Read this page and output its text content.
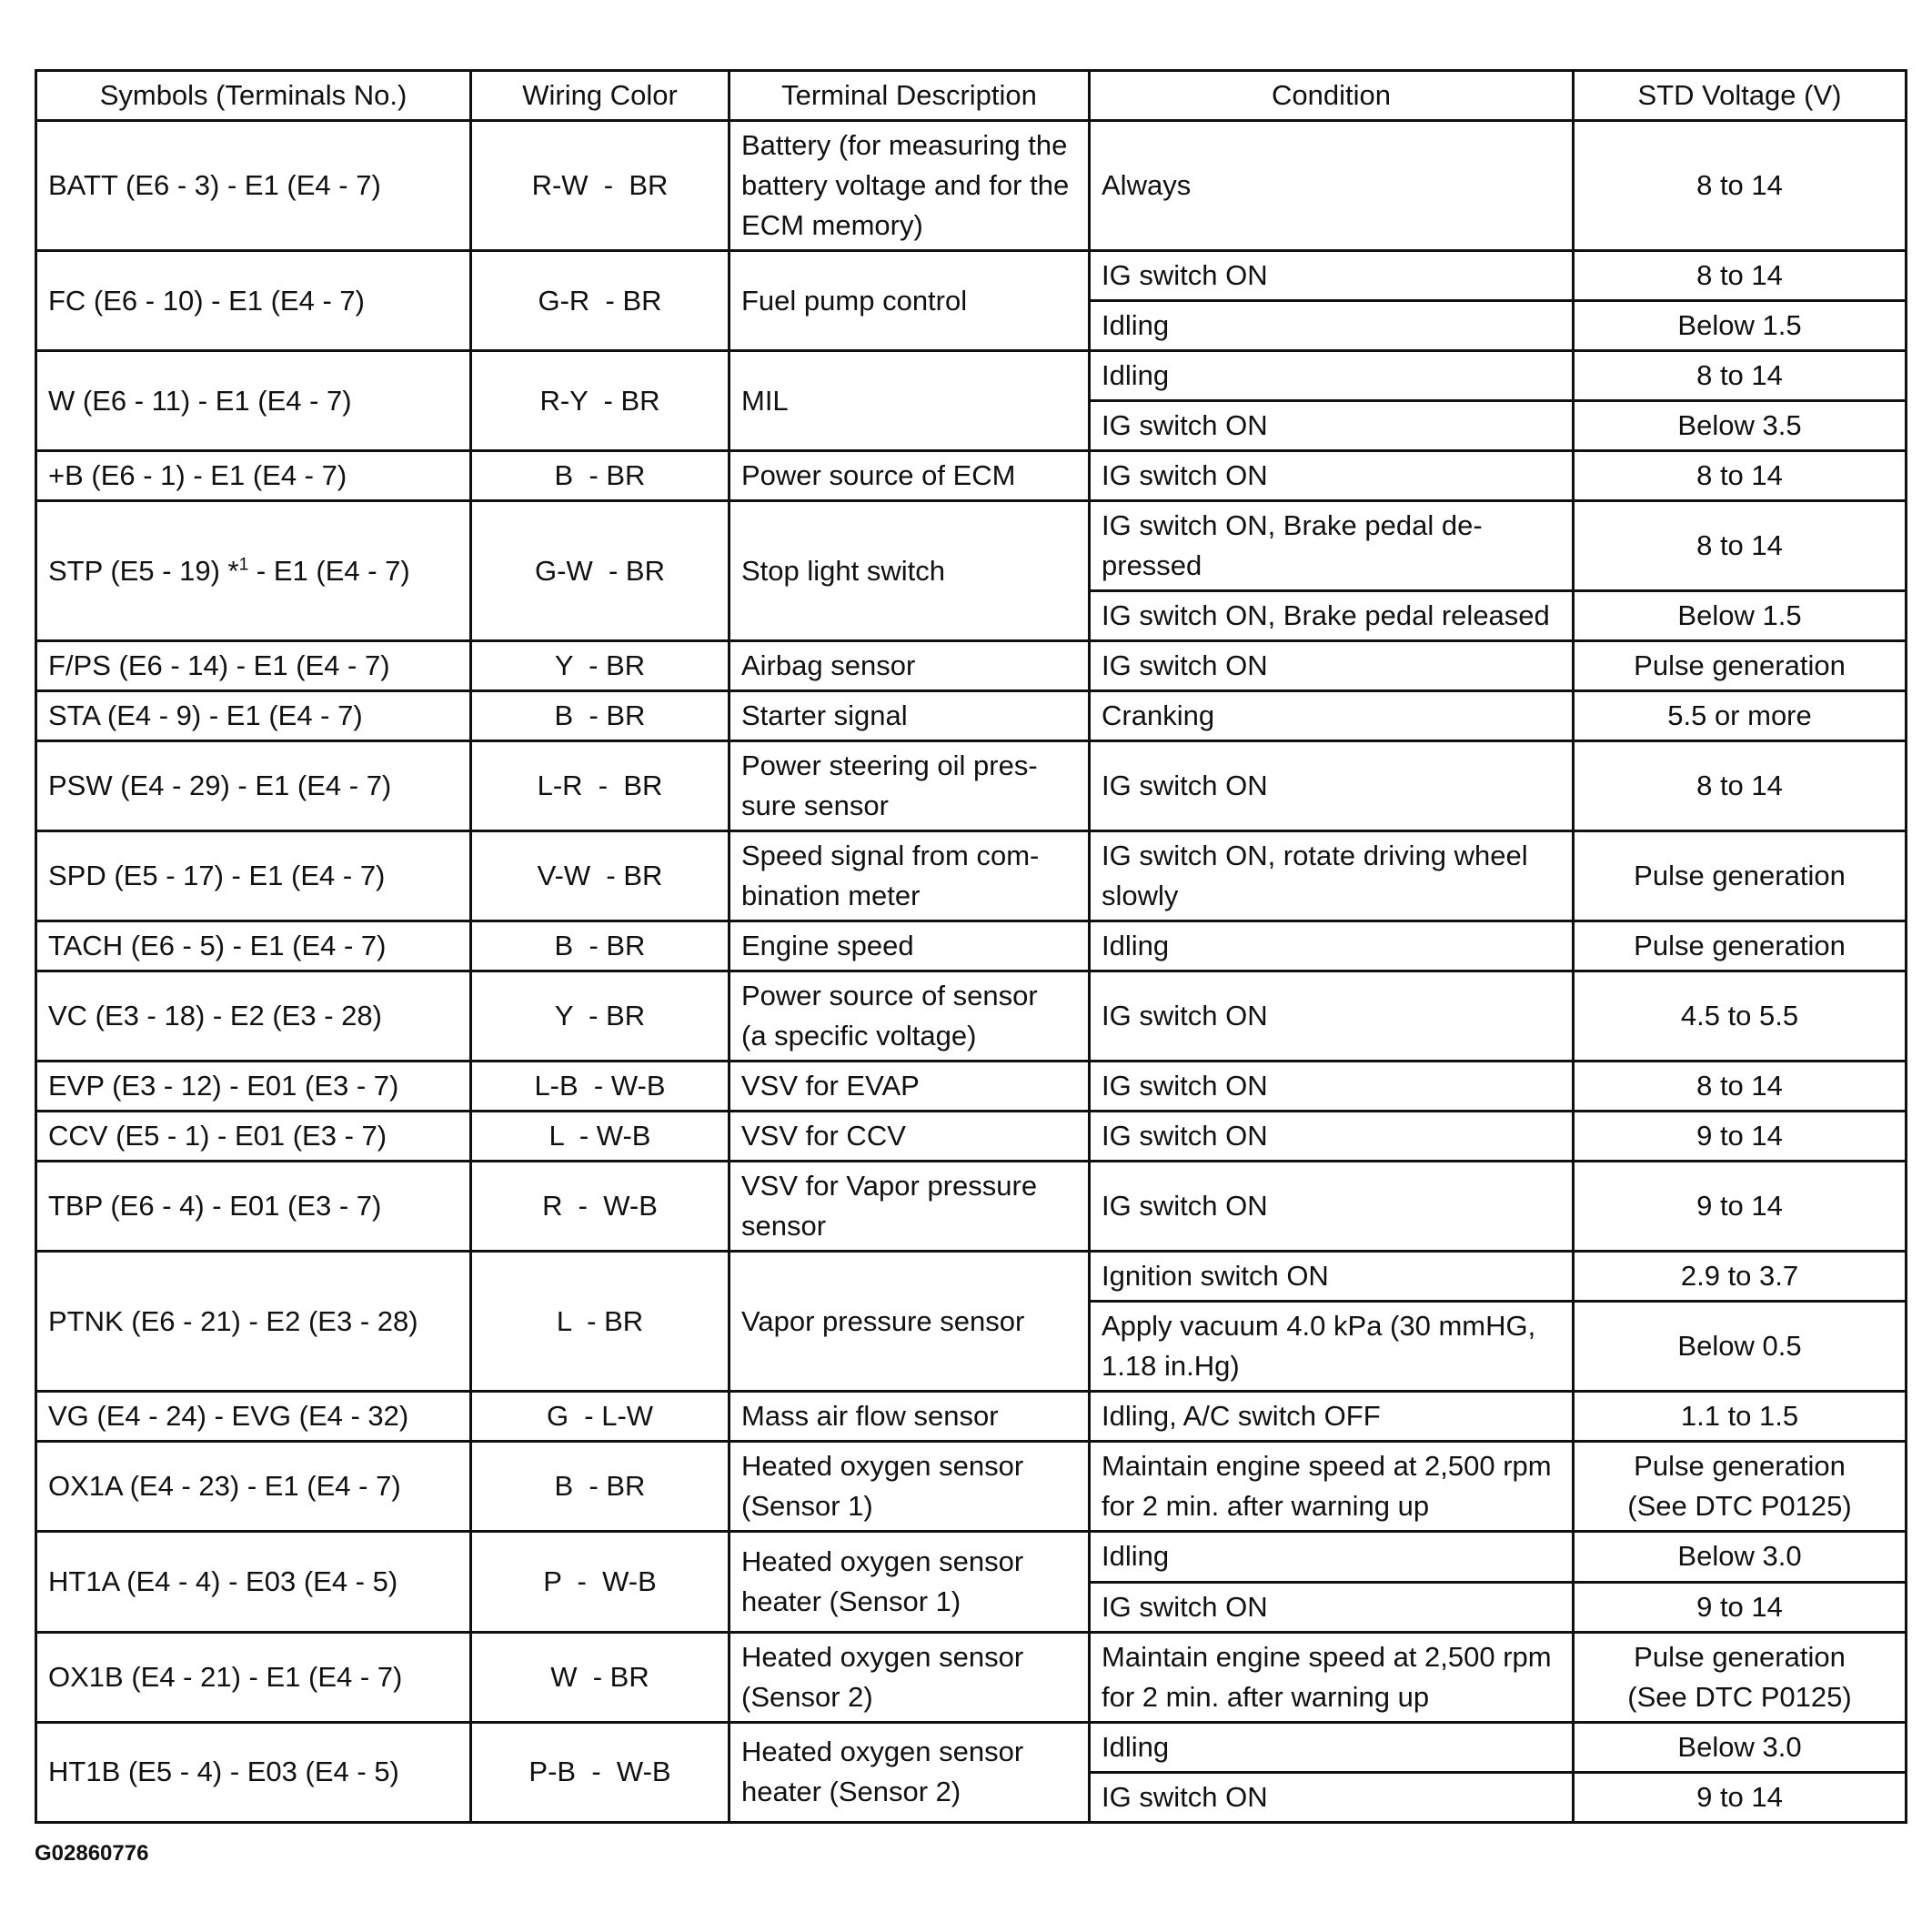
Symbols (Terminals No.)	Wiring Color	Terminal Description	Condition	STD Voltage (V)
BATT (E6 - 3) - E1 (E4 - 7)	R-W  -  BR	Battery (for measuring the
battery voltage and for the
ECM memory)	Always	8 to 14

FC (E6 - 10) - E1 (E4 - 7)	G-R  - BR	Fuel pump control	IG switch ON	8 to 14

			Idling	Below 1.5

W (E6 - 11) - E1 (E4 - 7)	R-Y  - BR	MIL	Idling	8 to 14

			IG switch ON	Below 3.5

+B (E6 - 1) - E1 (E4 - 7)	B  - BR	Power source of ECM	IG switch ON	8 to 14

STP (E5 - 19) *$^1$ - E1 (E4 - 7)	G-W  - BR	Stop light switch	IG switch ON, Brake pedal de-
pressed	8 to 14

			IG switch ON, Brake pedal released	Below 1.5

F/PS (E6 - 14) - E1 (E4 - 7)	Y  - BR	Airbag sensor	IG switch ON	Pulse generation

STA (E4 - 9) - E1 (E4 - 7)	B  - BR	Starter signal	Cranking	5.5 or more

PSW (E4 - 29) - E1 (E4 - 7)	L-R  -  BR	Power steering oil pres-
sure sensor	IG switch ON	8 to 14

SPD (E5 - 17) - E1 (E4 - 7)	V-W  - BR	Speed signal from com-
bination meter	IG switch ON, rotate driving wheel
slowly	Pulse generation

TACH (E6 - 5) - E1 (E4 - 7)	B  - BR	Engine speed	Idling	Pulse generation

VC (E3 - 18) - E2 (E3 - 28)	Y  - BR	Power source of sensor
(a specific voltage)	IG switch ON	4.5 to 5.5

EVP (E3 - 12) - E01 (E3 - 7)	L-B  - W-B	VSV for EVAP	IG switch ON	8 to 14

CCV (E5 - 1) - E01 (E3 - 7)	L  - W-B	VSV for CCV	IG switch ON	9 to 14

TBP (E6 - 4) - E01 (E3 - 7)	R  -  W-B	VSV for Vapor pressure
sensor	IG switch ON	9 to 14

PTNK (E6 - 21) - E2 (E3 - 28)	L  - BR	Vapor pressure sensor	Ignition switch ON	2.9 to 3.7

			Apply vacuum 4.0 kPa (30 mmHG,
1.18 in.Hg)	Below 0.5

VG (E4 - 24) - EVG (E4 - 32)	G  - L-W	Mass air flow sensor	Idling, A/C switch OFF	1.1 to 1.5

OX1A (E4 - 23) - E1 (E4 - 7)	B  - BR	Heated oxygen sensor
(Sensor 1)	Maintain engine speed at 2,500 rpm
for 2 min. after warning up	Pulse generation
(See DTC P0125)

HT1A (E4 - 4) - E03 (E4 - 5)	P  -  W-B	Heated oxygen sensor
heater (Sensor 1)	Idling	Below 3.0

			IG switch ON	9 to 14

OX1B (E4 - 21) - E1 (E4 - 7)	W  - BR	Heated oxygen sensor
(Sensor 2)	Maintain engine speed at 2,500 rpm
for 2 min. after warning up	Pulse generation
(See DTC P0125)

HT1B (E5 - 4) - E03 (E4 - 5)	P-B  -  W-B	Heated oxygen sensor
heater (Sensor 2)	Idling	Below 3.0

			IG switch ON	9 to 14
G02860776
